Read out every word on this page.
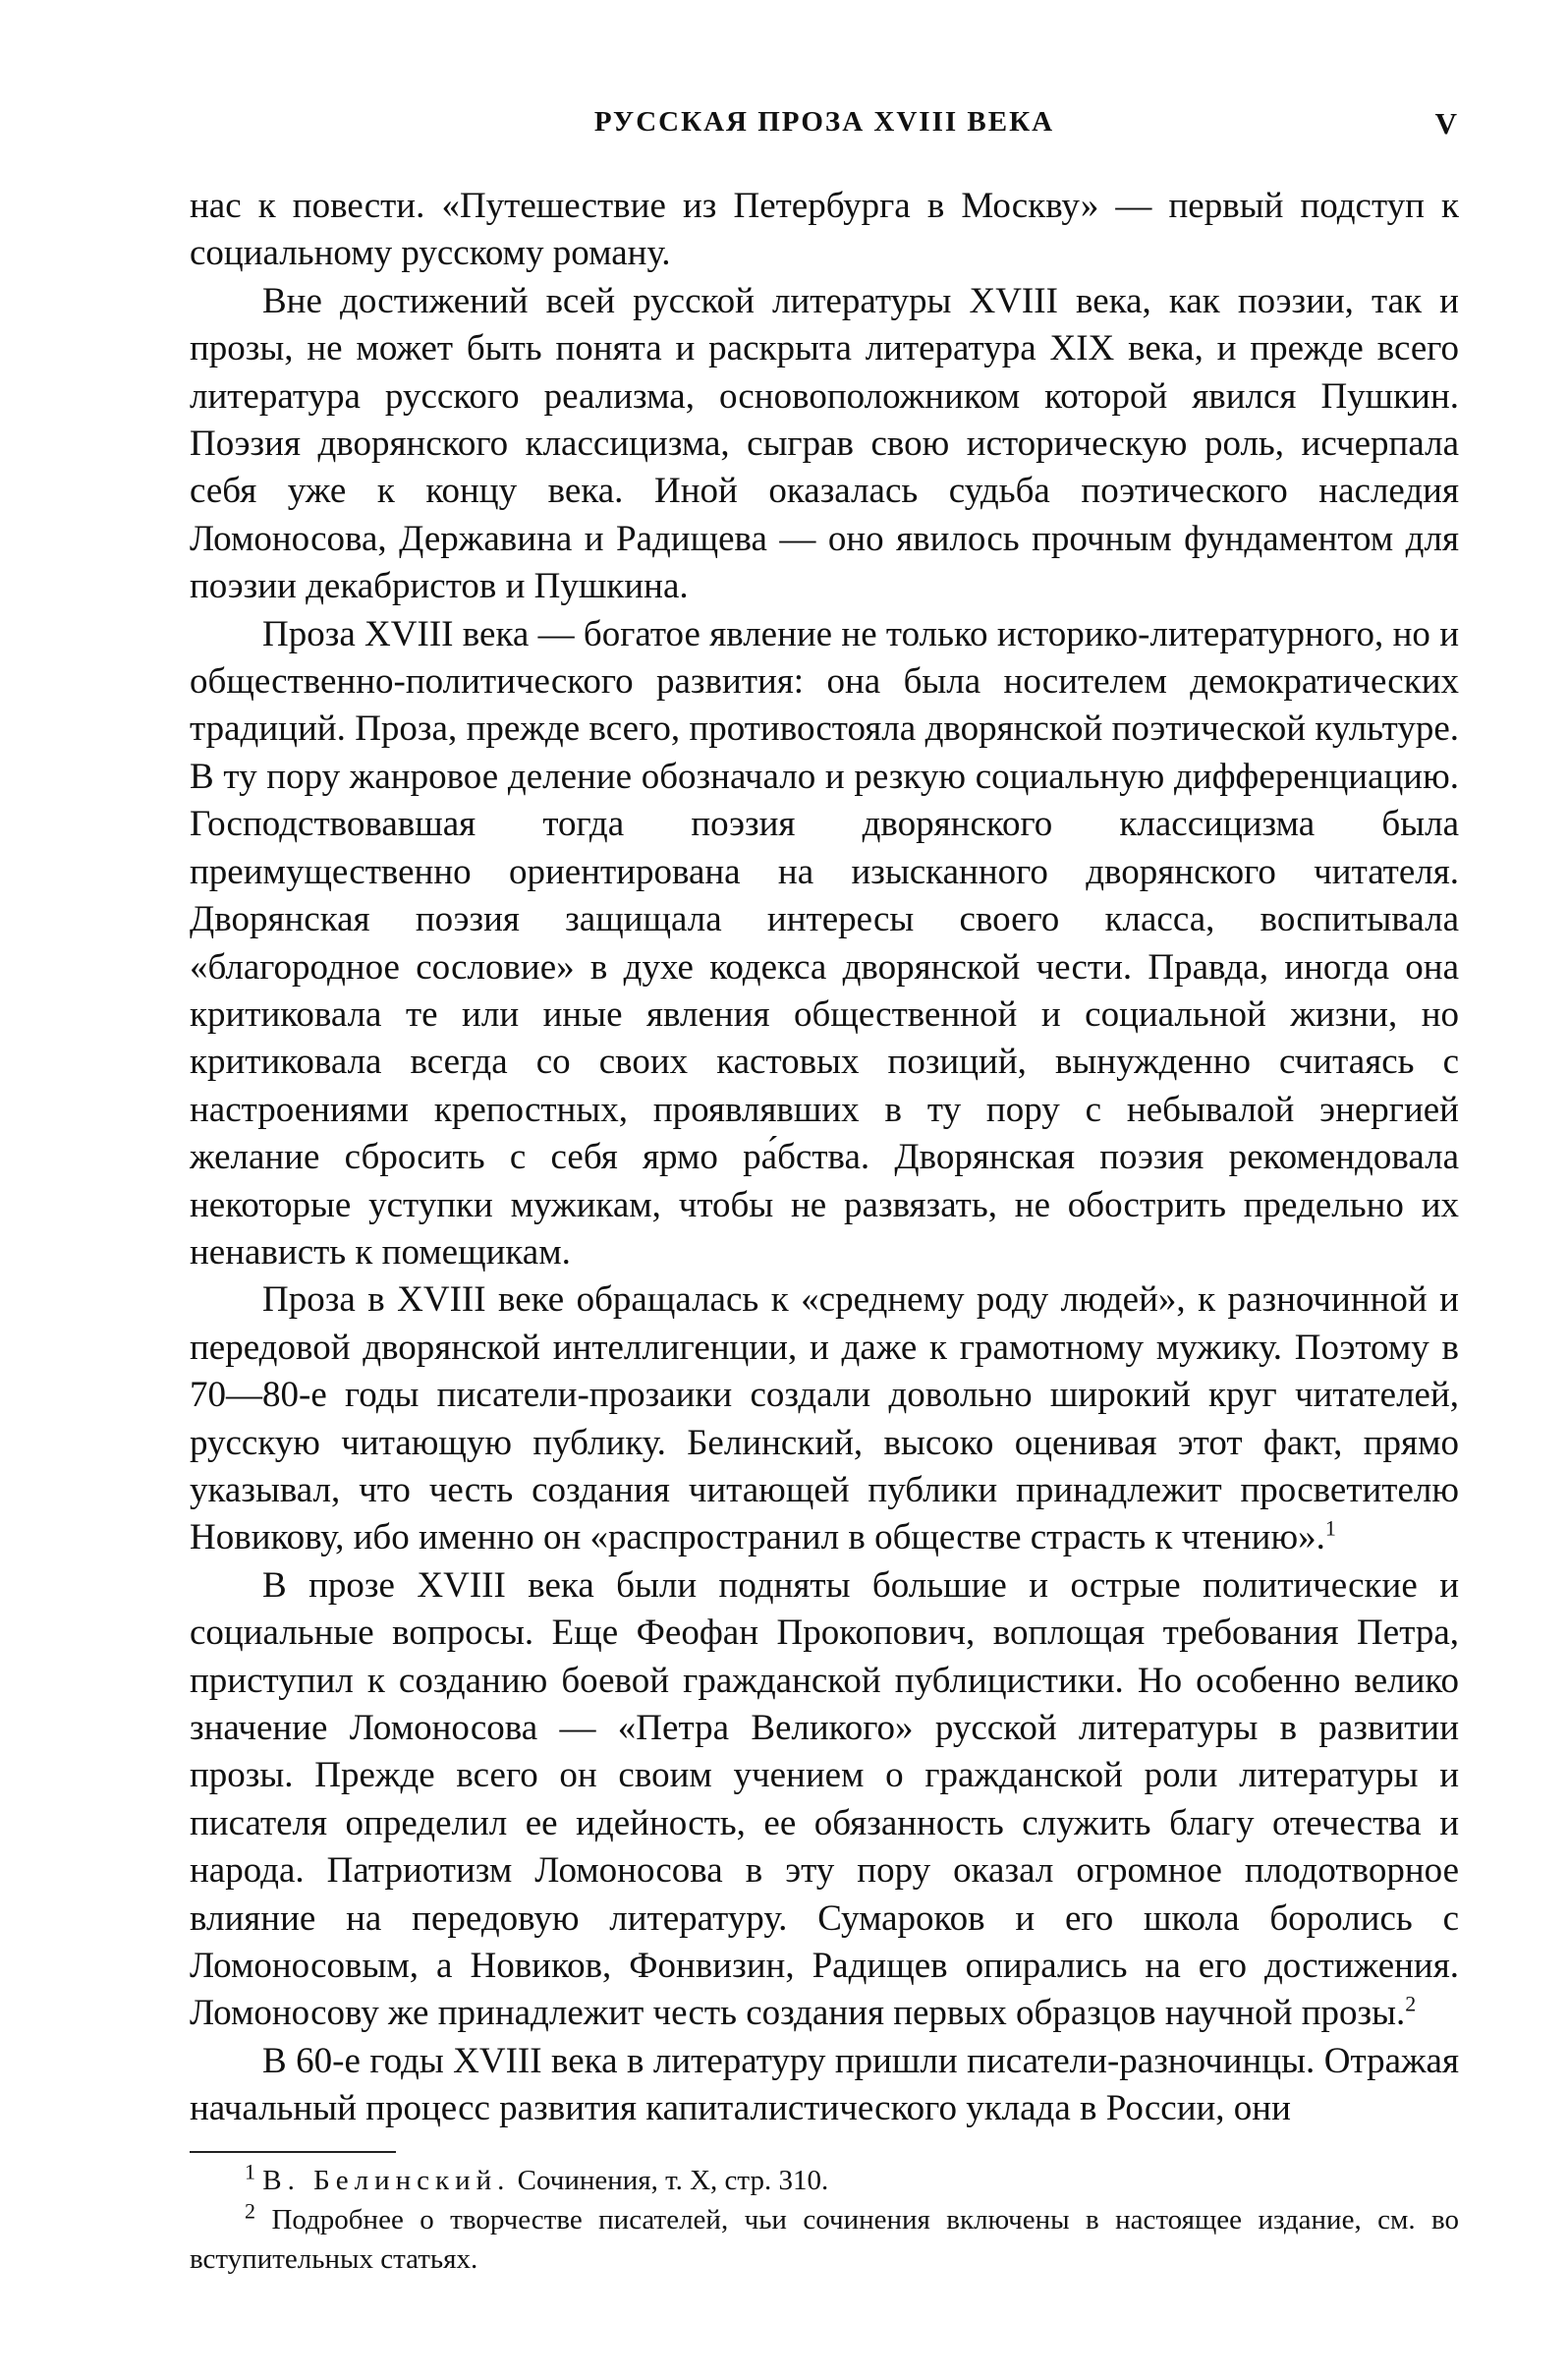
РУССКАЯ ПРОЗА XVIII ВЕКА	V

нас к повести. «Путешествие из Петербурга в Москву» — первый подступ к социальному русскому роману.

Вне достижений всей русской литературы XVIII века, как поэзии, так и прозы, не может быть понята и раскрыта литература XIX века, и прежде всего литература русского реализма, основоположником которой явился Пушкин. Поэзия дворянского классицизма, сыграв свою историческую роль, исчерпала себя уже к концу века. Иной оказалась судьба поэтического наследия Ломоносова, Державина и Радищева — оно явилось прочным фундаментом для поэзии декабристов и Пушкина.

Проза XVIII века — богатое явление не только историко-литературного, но и общественно-политического развития: она была носителем демократических традиций. Проза, прежде всего, противостояла дворянской поэтической культуре. В ту пору жанровое деление обозначало и резкую социальную дифференциацию. Господствовавшая тогда поэзия дворянского классицизма была преимущественно ориентирована на изысканного дворянского читателя. Дворянская поэзия защищала интересы своего класса, воспитывала «благородное сословие» в духе кодекса дворянской чести. Правда, иногда она критиковала те или иные явления общественной и социальной жизни, но критиковала всегда со своих кастовых позиций, вынужденно считаясь с настроениями крепостных, проявлявших в ту пору с небывалой энергией желание сбросить с себя ярмо ра́бства. Дворянская поэзия рекомендовала некоторые уступки мужикам, чтобы не развязать, не обострить предельно их ненависть к помещикам.

Проза в XVIII веке обращалась к «среднему роду людей», к разночинной и передовой дворянской интеллигенции, и даже к грамотному мужику. Поэтому в 70—80-е годы писатели-прозаики создали довольно широкий круг читателей, русскую читающую публику. Белинский, высоко оценивая этот факт, прямо указывал, что честь создания читающей публики принадлежит просветителю Новикову, ибо именно он «распространил в обществе страсть к чтению».$^1$

В прозе XVIII века были подняты большие и острые политические и социальные вопросы. Еще Феофан Прокопович, воплощая требования Петра, приступил к созданию боевой гражданской публицистики. Но особенно велико значение Ломоносова — «Петра Великого» русской литературы в развитии прозы. Прежде всего он своим учением о гражданской роли литературы и писателя определил ее идейность, ее обязанность служить благу отечества и народа. Патриотизм Ломоносова в эту пору оказал огромное плодотворное влияние на передовую литературу. Сумароков и его школа боролись с Ломоносовым, а Новиков, Фонвизин, Радищев опирались на его достижения. Ломоносову же принадлежит честь создания первых образцов научной прозы.$^2$

В 60-е годы XVIII века в литературу пришли писатели-разночинцы. Отражая начальный процесс развития капиталистического уклада в России, они

$^1$ В. Белинский. Сочинения, т. X, стр. 310.

$^2$ Подробнее о творчестве писателей, чьи сочинения включены в настоящее издание, см. во вступительных статьях.
